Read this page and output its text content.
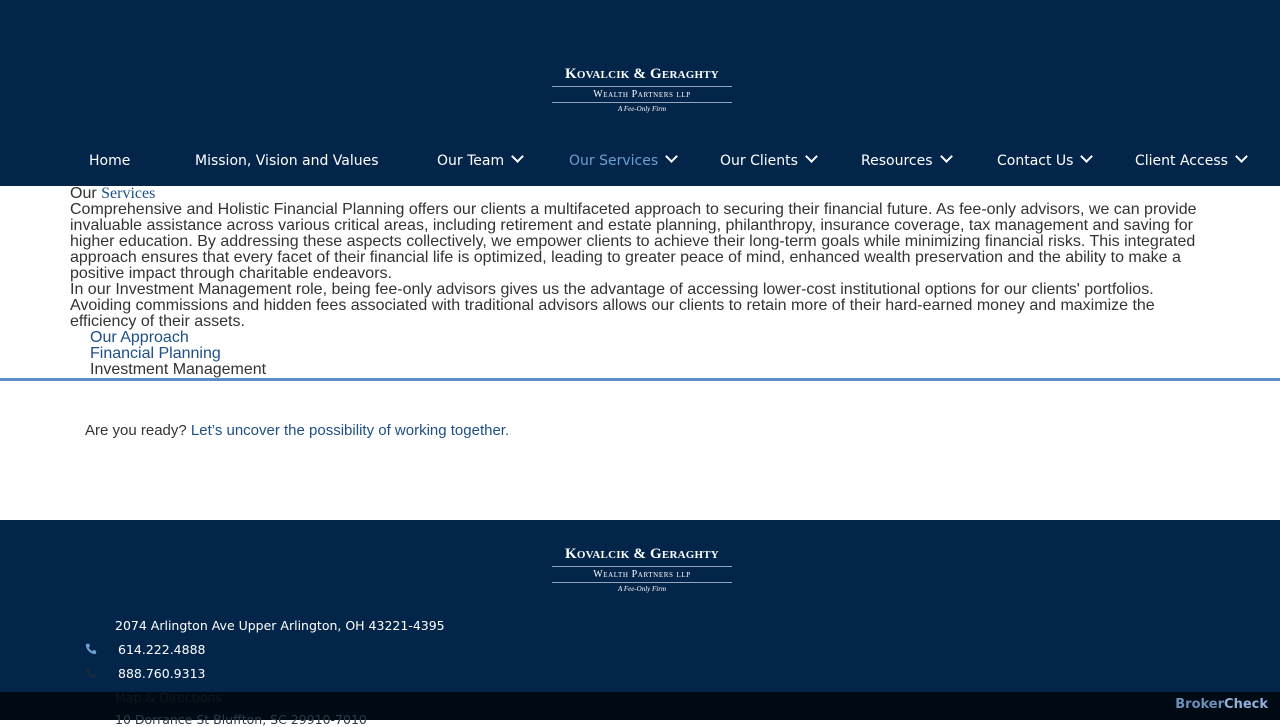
Kovalcik & Geraghty
Wealth Partners llp
A Fee-Only Firm
Home	Mission, Vision and Values	Our Team	Our Services	Our Clients	Resources	Contact Us	Client Access
Our Services

Comprehensive and Holistic Financial Planning offers our clients a multifaceted approach to securing their financial future. As fee-only advisors, we can provide invaluable assistance across various critical areas, including retirement and estate planning, philanthropy, insurance coverage, tax management and saving for higher education. By addressing these aspects collectively, we empower clients to achieve their long-term goals while minimizing financial risks. This integrated approach ensures that every facet of their financial life is optimized, leading to greater peace of mind, enhanced wealth preservation and the ability to make a positive impact through charitable endeavors.

In our Investment Management role, being fee-only advisors gives us the advantage of accessing lower-cost institutional options for our clients' portfolios. Avoiding commissions and hidden fees associated with traditional advisors allows our clients to retain more of their hard-earned money and maximize the efficiency of their assets.

Our Approach
Financial Planning
Investment Management
Are you ready? Let’s uncover the possibility of working together.
Kovalcik & Geraghty
Wealth Partners llp
A Fee-Only Firm
2074 Arlington Ave Upper Arlington, OH 43221-4395
614.222.4888
888.760.9313
10 Dorrance St Bluffton, SC 29910-7010
BrokerCheck
